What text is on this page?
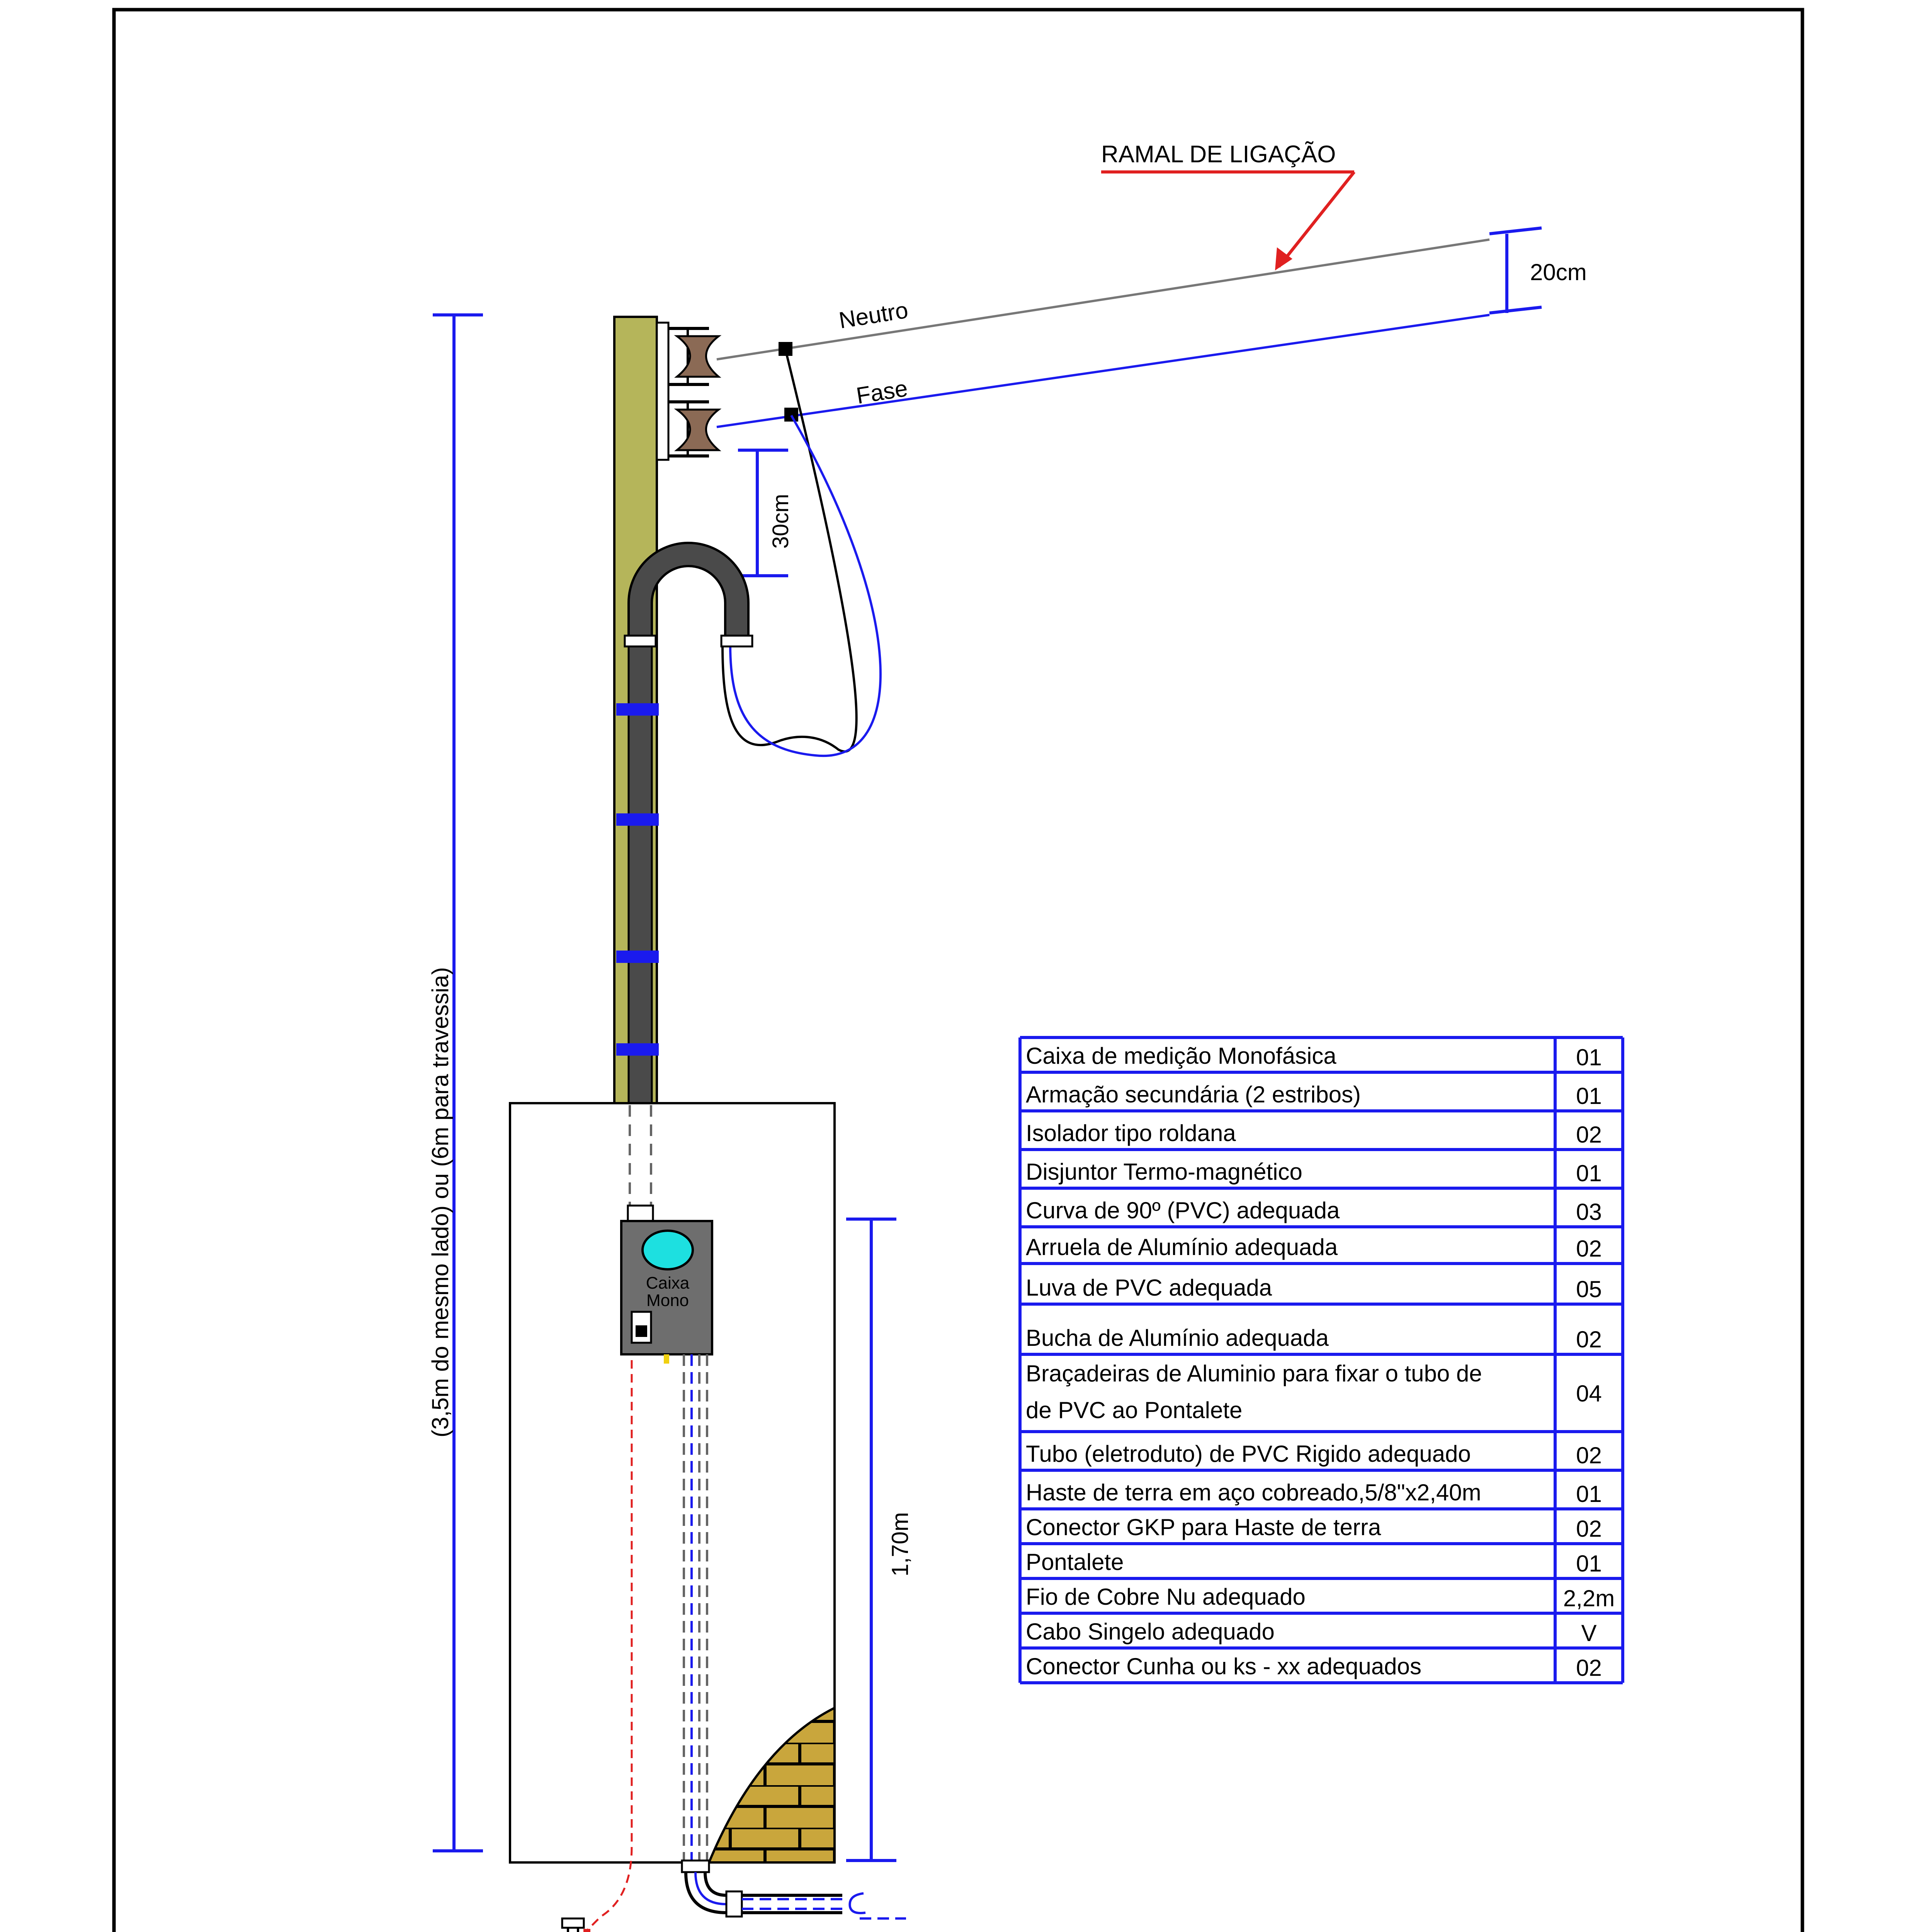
RAMAL DE LIGAÇÃO
Neutro
Fase
20cm
30cm
(3,5m do mesmo lado) ou (6m para travessia)	Caixa
Mono
1,70m
Caixa de medição Monofásica	01
Armação secundária (2 estribos)	01
Isolador tipo roldana	02
Disjuntor Termo-magnético	01
Curva de 90º (PVC) adequada	03
Arruela de Alumínio adequada	02
Luva de PVC adequada	05
Bucha de Alumínio adequada	02
Braçadeiras de Aluminio para fixar o tubo de
de PVC ao Pontalete
04
Tubo (eletroduto) de PVC Rigido adequado	02
Haste de terra em aço cobreado,5/8"x2,40m	01
Conector GKP para Haste de terra	02
Pontalete	01
Fio de Cobre Nu adequado	2,2m
Cabo Singelo adequado	V
Conector Cunha ou ks - xx adequados	02
